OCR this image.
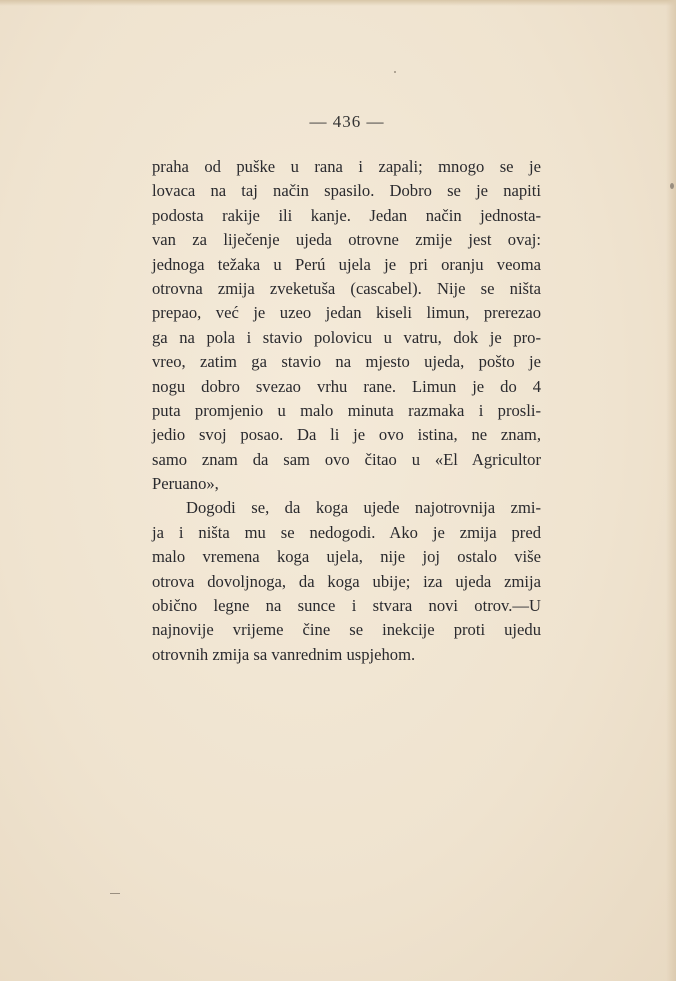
— 436 —
praha od puške u rana i zapali; mnogo se je
lovaca na taj način spasilo. Dobro se je napiti
podosta rakije ili kanje. Jedan način jednosta-
van za liječenje ujeda otrovne zmije jest ovaj:
jednoga težaka u Perú ujela je pri oranju veoma
otrovna zmija zvеketuša (cascabel). Nije se ništa
prepao, već je uzeo jedan kiseli limun, prerezao
ga na pola i stavio polovicu u vatru, dok je pro-
vreo, zatim ga stavio na mjesto ujeda, pošto je
nogu dobro svezao vrhu rane. Limun je do 4
puta promjenio u malo minuta razmaka i prosli-
jedio svoj posao. Da li je ovo istina, ne znam,
samo znam da sam ovo čitao u «El Agricultor
Peruano»,
Dogodi se, da koga ujede najotrovnija zmi-
ja i ništa mu se nedogodi. Ako je zmija pred
malo vremena koga ujela, nije joj ostalo više
otrova dovoljnoga, da koga ubije; iza ujeda zmija
obično legne na sunce i stvara novi otrov.—U
najnovije vrijeme čine se inekcije proti ujedu
otrovnih zmija sa vanrednim uspjehom.
